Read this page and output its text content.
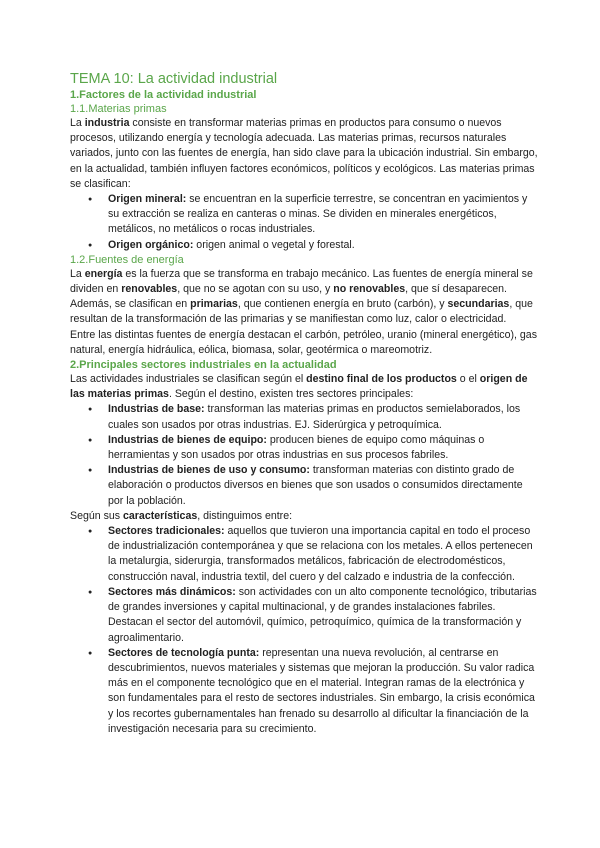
TEMA 10: La actividad industrial
1.Factores de la actividad industrial
1.1.Materias primas

La industria consiste en transformar materias primas en productos para consumo o nuevos procesos, utilizando energía y tecnología adecuada. Las materias primas, recursos naturales variados, junto con las fuentes de energía, han sido clave para la ubicación industrial. Sin embargo, en la actualidad, también influyen factores económicos, políticos y ecológicos. Las materias primas se clasifican:

● Origen mineral: se encuentran en la superficie terrestre, se concentran en yacimientos y su extracción se realiza en canteras o minas. Se dividen en minerales energéticos, metálicos, no metálicos o rocas industriales.
● Origen orgánico: origen animal o vegetal y forestal.
1.2.Fuentes de energía

La energía es la fuerza que se transforma en trabajo mecánico. Las fuentes de energía mineral se dividen en renovables, que no se agotan con su uso, y no renovables, que sí desaparecen. Además, se clasifican en primarias, que contienen energía en bruto (carbón), y secundarias, que resultan de la transformación de las primarias y se manifiestan como luz, calor o electricidad.

Entre las distintas fuentes de energía destacan el carbón, petróleo, uranio (mineral energético), gas natural, energía hidráulica, eólica, biomasa, solar, geotérmica o mareomotriz.

2.Principales sectores industriales en la actualidad

Las actividades industriales se clasifican según el destino final de los productos o el origen de las materias primas. Según el destino, existen tres sectores principales:

● Industrias de base: transforman las materias primas en productos semielaborados, los cuales son usados por otras industrias. EJ. Siderúrgica y petroquímica.
● Industrias de bienes de equipo: producen bienes de equipo como máquinas o herramientas y son usados por otras industrias en sus procesos fabriles.
● Industrias de bienes de uso y consumo: transforman materias con distinto grado de elaboración o productos diversos en bienes que son usados o consumidos directamente por la población.

Según sus características, distinguimos entre:

● Sectores tradicionales: aquellos que tuvieron una importancia capital en todo el proceso de industrialización contemporánea y que se relaciona con los metales. A ellos pertenecen la metalurgia, siderurgia, transformados metálicos, fabricación de electrodomésticos, construcción naval, industria textil, del cuero y del calzado e industria de la confección.
● Sectores más dinámicos: son actividades con un alto componente tecnológico, tributarias de grandes inversiones y capital multinacional, y de grandes instalaciones fabriles. Destacan el sector del automóvil, químico, petroquímico, química de la transformación y agroalimentario.
● Sectores de tecnología punta: representan una nueva revolución, al centrarse en descubrimientos, nuevos materiales y sistemas que mejoran la producción. Su valor radica más en el componente tecnológico que en el material. Integran ramas de la electrónica y son fundamentales para el resto de sectores industriales. Sin embargo, la crisis económica y los recortes gubernamentales han frenado su desarrollo al dificultar la financiación de la investigación necesaria para su crecimiento.
